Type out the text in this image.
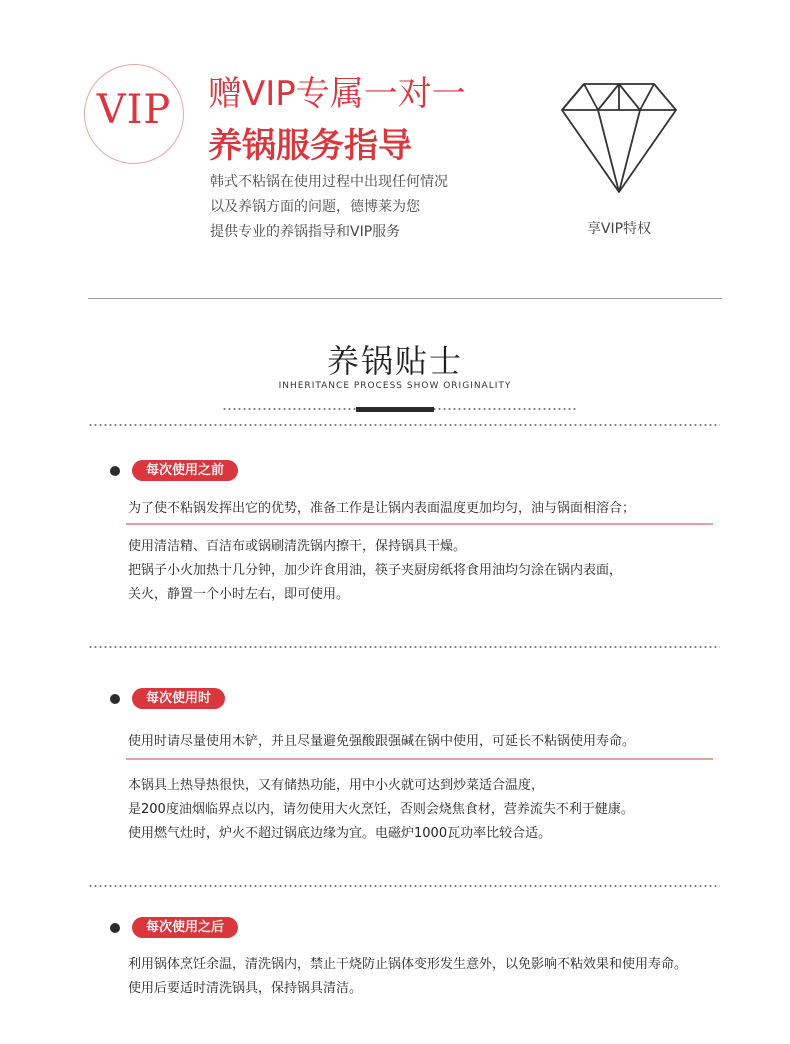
VIP	赠VIP专属一对一
养锅服务指导
韩式不粘锅在使用过程中出现任何情况
以及养锅方面的问题，德博莱为您
提供专业的养锅指导和VIP服务	享VIP特权
养锅贴士
INHERITANCE PROCESS SHOW ORIGINALITY
每次使用之前
为了使不粘锅发挥出它的优势，准备工作是让锅内表面温度更加均匀，油与锅面相溶合；
使用清洁精、百洁布或锅刷清洗锅内擦干，保持锅具干燥。
把锅子小火加热十几分钟，加少许食用油，筷子夹厨房纸将食用油均匀涂在锅内表面，
关火，静置一个小时左右，即可使用。
每次使用时
使用时请尽量使用木铲，并且尽量避免强酸跟强碱在锅中使用，可延长不粘锅使用寿命。
本锅具上热导热很快，又有储热功能，用中小火就可达到炒菜适合温度，
是200度油烟临界点以内，请勿使用大火烹饪，否则会烧焦食材，营养流失不利于健康。
使用燃气灶时，炉火不超过锅底边缘为宜。电磁炉1000瓦功率比较合适。
每次使用之后
利用锅体烹饪余温，清洗锅内，禁止干烧防止锅体变形发生意外，以免影响不粘效果和使用寿命。
使用后要适时清洗锅具，保持锅具清洁。
